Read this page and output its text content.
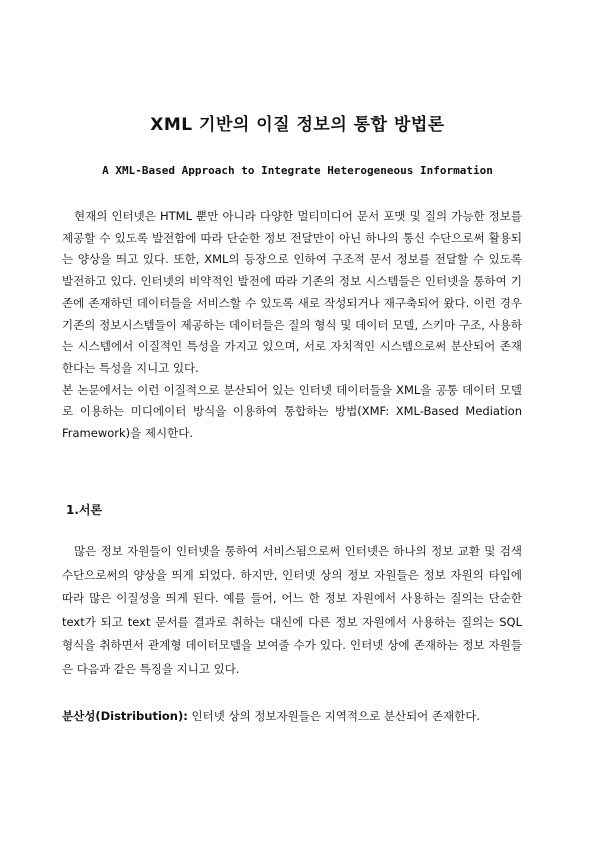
XML 기반의 이질 정보의 통합 방법론
A XML-Based Approach to Integrate Heterogeneous Information

현재의 인터넷은 HTML 뿐만 아니라 다양한 멀티미디어 문서 포맷 및 질의 가능한 정보를 제공할 수 있도록 발전함에 따라 단순한 정보 전달만이 아닌 하나의 통신 수단으로써 활용되는 양상을 띄고 있다. 또한, XML의 등장으로 인하여 구조적 문서 정보를 전달할 수 있도록 발전하고 있다. 인터넷의 비약적인 발전에 따라 기존의 정보 시스템들은 인터넷을 통하여 기존에 존재하던 데이터들을 서비스할 수 있도록 새로 작성되거나 재구축되어 왔다. 이런 경우 기존의 정보시스템들이 제공하는 데이터들은 질의 형식 및 데이터 모델, 스키마 구조, 사용하는 시스템에서 이질적인 특성을 가지고 있으며, 서로 자치적인 시스템으로써 분산되어 존재한다는 특성을 지니고 있다.

본 논문에서는 이런 이질적으로 분산되어 있는 인터넷 데이터들을 XML을 공통 데이터 모델로 이용하는 미디에이터 방식을 이용하여 통합하는 방법(XMF: XML-Based Mediation Framework)을 제시한다.

1.서론

많은 정보 자원들이 인터넷을 통하여 서비스됨으로써 인터넷은 하나의 정보 교환 및 검색 수단으로써의 양상을 띄게 되었다. 하지만, 인터넷 상의 정보 자원들은 정보 자원의 타입에 따라 많은 이질성을 띄게 된다. 예를 들어, 어느 한 정보 자원에서 사용하는 질의는 단순한 text가 되고 text 문서를 결과로 취하는 대신에 다른 정보 자원에서 사용하는 질의는 SQL 형식을 취하면서 관계형 데이터모델을 보여줄 수가 있다. 인터넷 상에 존재하는 정보 자원들은 다음과 같은 특징을 지니고 있다.

분산성(Distribution): 인터넷 상의 정보자원들은 지역적으로 분산되어 존재한다.
